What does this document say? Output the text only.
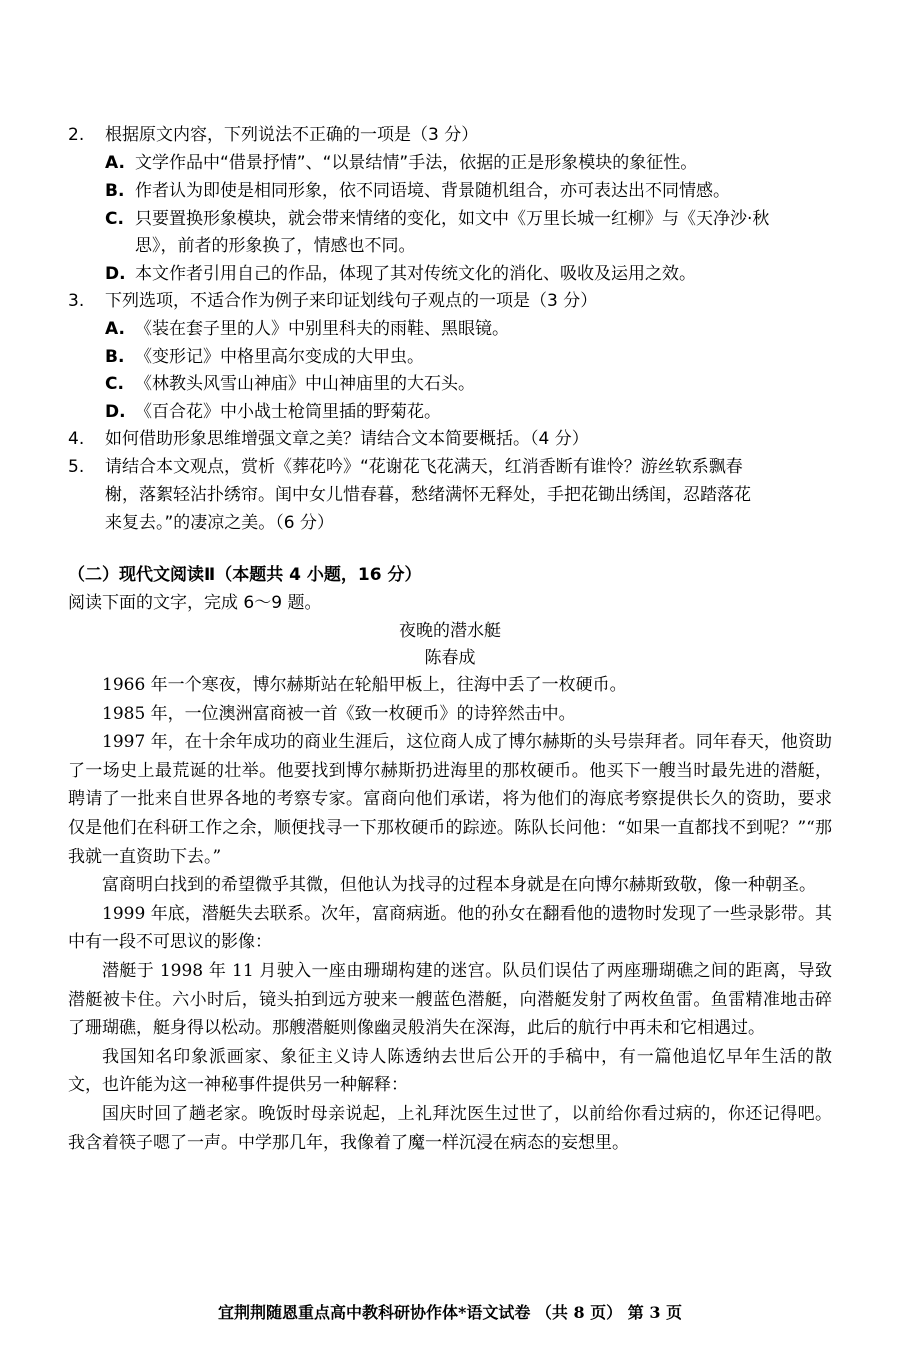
2. 根据原文内容，下列说法不正确的一项是（3 分）
A. 文学作品中“借景抒情”、“以景结情”手法，依据的正是形象模块的象征性。
B. 作者认为即使是相同形象，依不同语境、背景随机组合，亦可表达出不同情感。
C. 只要置换形象模块，就会带来情绪的变化，如文中《万里长城一红柳》与《天净沙·秋
思》，前者的形象换了，情感也不同。
D. 本文作者引用自己的作品，体现了其对传统文化的消化、吸收及运用之效。
3. 下列选项，不适合作为例子来印证划线句子观点的一项是（3 分）
A. 《装在套子里的人》中别里科夫的雨鞋、黑眼镜。
B. 《变形记》中格里高尔变成的大甲虫。
C. 《林教头风雪山神庙》中山神庙里的大石头。
D. 《百合花》中小战士枪筒里插的野菊花。
4. 如何借助形象思维增强文章之美？请结合文本简要概括。（4 分）
5. 请结合本文观点，赏析《葬花吟》“花谢花飞花满天，红消香断有谁怜？游丝软系飘春
榭，落絮轻沾扑绣帘。闺中女儿惜春暮，愁绪满怀无释处，手把花锄出绣闺，忍踏落花
来复去。”的凄凉之美。（6 分）
（二）现代文阅读Ⅱ（本题共 4 小题，16 分）
阅读下面的文字，完成 6～9 题。
夜晚的潜水艇
陈春成

1966 年一个寒夜，博尔赫斯站在轮船甲板上，往海中丢了一枚硬币。

1985 年，一位澳洲富商被一首《致一枚硬币》的诗猝然击中。

1997 年，在十余年成功的商业生涯后，这位商人成了博尔赫斯的头号崇拜者。同年春天，他资助了一场史上最荒诞的壮举。他要找到博尔赫斯扔进海里的那枚硬币。他买下一艘当时最先进的潜艇，聘请了一批来自世界各地的考察专家。富商向他们承诺，将为他们的海底考察提供长久的资助，要求仅是他们在科研工作之余，顺便找寻一下那枚硬币的踪迹。陈队长问他：“如果一直都找不到呢？”“那我就一直资助下去。”

富商明白找到的希望微乎其微，但他认为找寻的过程本身就是在向博尔赫斯致敬，像一种朝圣。

1999 年底，潜艇失去联系。次年，富商病逝。他的孙女在翻看他的遗物时发现了一些录影带。其中有一段不可思议的影像：

潜艇于 1998 年 11 月驶入一座由珊瑚构建的迷宫。队员们误估了两座珊瑚礁之间的距离，导致潜艇被卡住。六小时后，镜头拍到远方驶来一艘蓝色潜艇，向潜艇发射了两枚鱼雷。鱼雷精准地击碎了珊瑚礁，艇身得以松动。那艘潜艇则像幽灵般消失在深海，此后的航行中再未和它相遇过。

我国知名印象派画家、象征主义诗人陈透纳去世后公开的手稿中，有一篇他追忆早年生活的散文，也许能为这一神秘事件提供另一种解释：

国庆时回了趟老家。晚饭时母亲说起，上礼拜沈医生过世了，以前给你看过病的，你还记得吧。我含着筷子嗯了一声。中学那几年，我像着了魔一样沉浸在病态的妄想里。

宜荆荆随恩重点高中教科研协作体*语文试卷 （共 8 页） 第 3 页
